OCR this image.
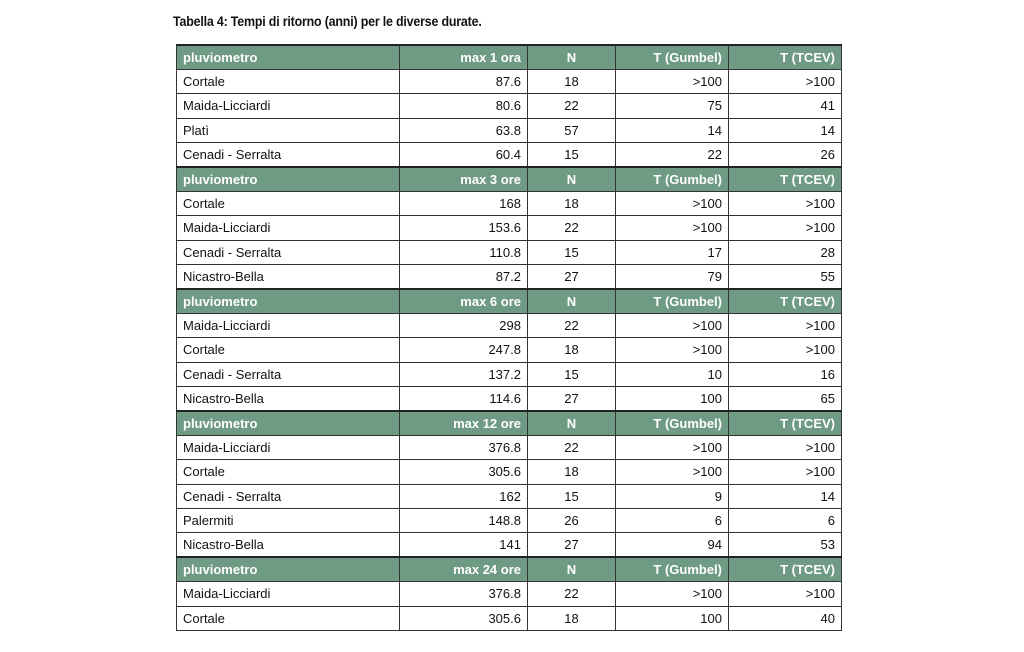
Tabella 4: Tempi di ritorno (anni) per le diverse durate.
pluviometro	max 1 ora	N	T (Gumbel)	T (TCEV)
Cortale	87.6	18	>100	>100
Maida-Licciardi	80.6	22	75	41
Platì	63.8	57	14	14
Cenadi - Serralta	60.4	15	22	26
pluviometro	max 3 ore	N	T (Gumbel)	T (TCEV)
Cortale	168	18	>100	>100
Maida-Licciardi	153.6	22	>100	>100
Cenadi - Serralta	110.8	15	17	28
Nicastro-Bella	87.2	27	79	55
pluviometro	max 6 ore	N	T (Gumbel)	T (TCEV)
Maida-Licciardi	298	22	>100	>100
Cortale	247.8	18	>100	>100
Cenadi - Serralta	137.2	15	10	16
Nicastro-Bella	114.6	27	100	65
pluviometro	max 12 ore	N	T (Gumbel)	T (TCEV)
Maida-Licciardi	376.8	22	>100	>100
Cortale	305.6	18	>100	>100
Cenadi - Serralta	162	15	9	14
Palermiti	148.8	26	6	6
Nicastro-Bella	141	27	94	53
pluviometro	max 24 ore	N	T (Gumbel)	T (TCEV)
Maida-Licciardi	376.8	22	>100	>100
Cortale	305.6	18	100	40
